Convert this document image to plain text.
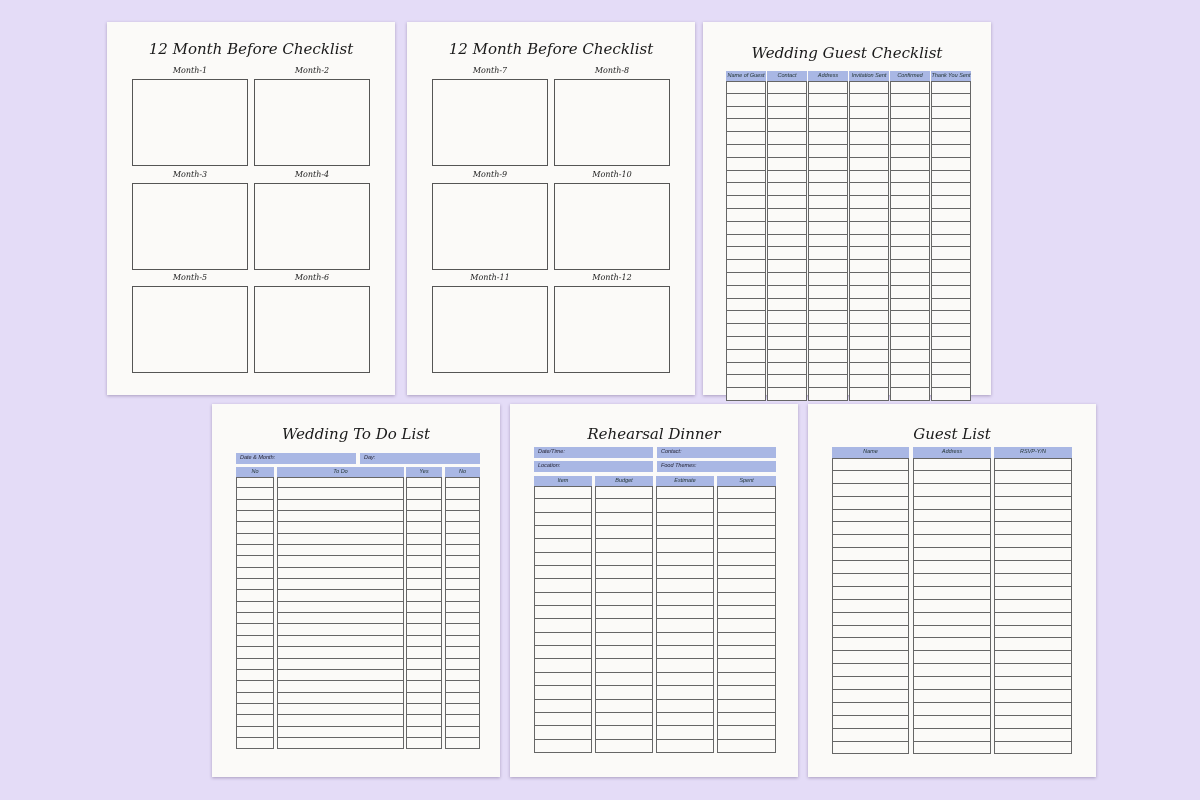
12 Month Before Checklist
Month-1	Month-2
Month-3	Month-4
Month-5	Month-6
12 Month Before Checklist
Month-7	Month-8
Month-9	Month-10
Month-11	Month-12
Wedding Guest Checklist
Name of Guest	Contact	Address	Invitation Sent	Confirmed	Thank You Sent
Wedding To Do List
Date & Month:	Day:
No	To Do	Yes	No
Rehearsal Dinner
Date/Time:	Contact:
Location:	Food Themes:
Item	Budget	Estimate	Spent
Guest List
Name	Address	RSVP-Y/N
